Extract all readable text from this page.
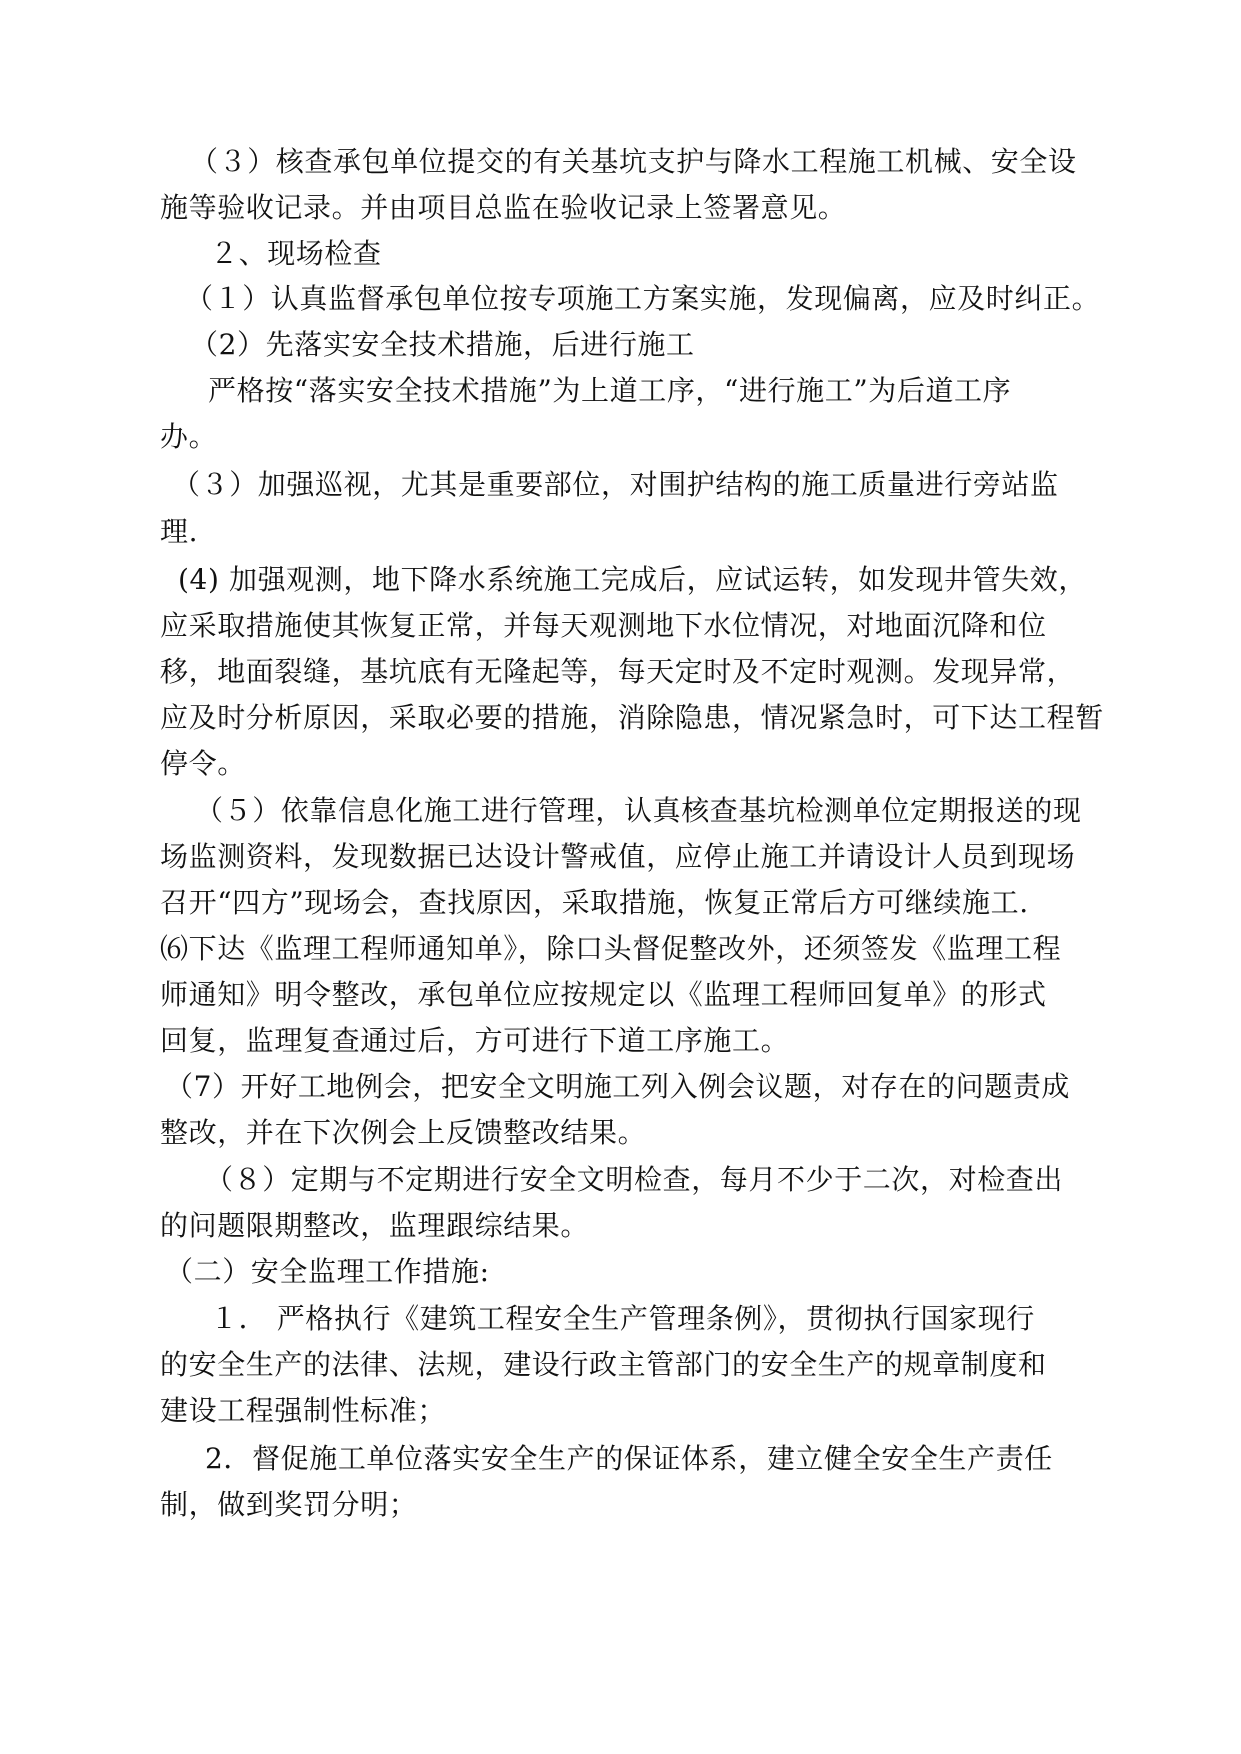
（３）核查承包单位提交的有关基坑支护与降水工程施工机械、安全设

施等验收记录。并由项目总监在验收记录上签署意见。

２、现场检查

（１）认真监督承包单位按专项施工方案实施，发现偏离，应及时纠正。

（2）先落实安全技术措施，后进行施工

严格按“落实安全技术措施”为上道工序，“进行施工”为后道工序

办。

（３）加强巡视，尤其是重要部位，对围护结构的施工质量进行旁站监

理.

(4) 加强观测，地下降水系统施工完成后，应试运转，如发现井管失效，

应采取措施使其恢复正常，并每天观测地下水位情况，对地面沉降和位

移，地面裂缝，基坑底有无隆起等，每天定时及不定时观测。发现异常，

应及时分析原因，采取必要的措施，消除隐患，情况紧急时，可下达工程暂

停令。

（５）依靠信息化施工进行管理，认真核查基坑检测单位定期报送的现

场监测资料，发现数据已达设计警戒值，应停止施工并请设计人员到现场

召开“四方”现场会，查找原因，采取措施，恢复正常后方可继续施工.

⑹下达《监理工程师通知单》，除口头督促整改外，还须签发《监理工程

师通知》明令整改，承包单位应按规定以《监理工程师回复单》的形式

回复，监理复查通过后，方可进行下道工序施工。

（7）开好工地例会，把安全文明施工列入例会议题，对存在的问题责成

整改，并在下次例会上反馈整改结果。

（８）定期与不定期进行安全文明检查，每月不少于二次，对检查出

的问题限期整改，监理跟综结果。

（二）安全监理工作措施:

１． 严格执行《建筑工程安全生产管理条例》，贯彻执行国家现行

的安全生产的法律、法规，建设行政主管部门的安全生产的规章制度和

建设工程强制性标准；

2．督促施工单位落实安全生产的保证体系，建立健全安全生产责任

制，做到奖罚分明；
